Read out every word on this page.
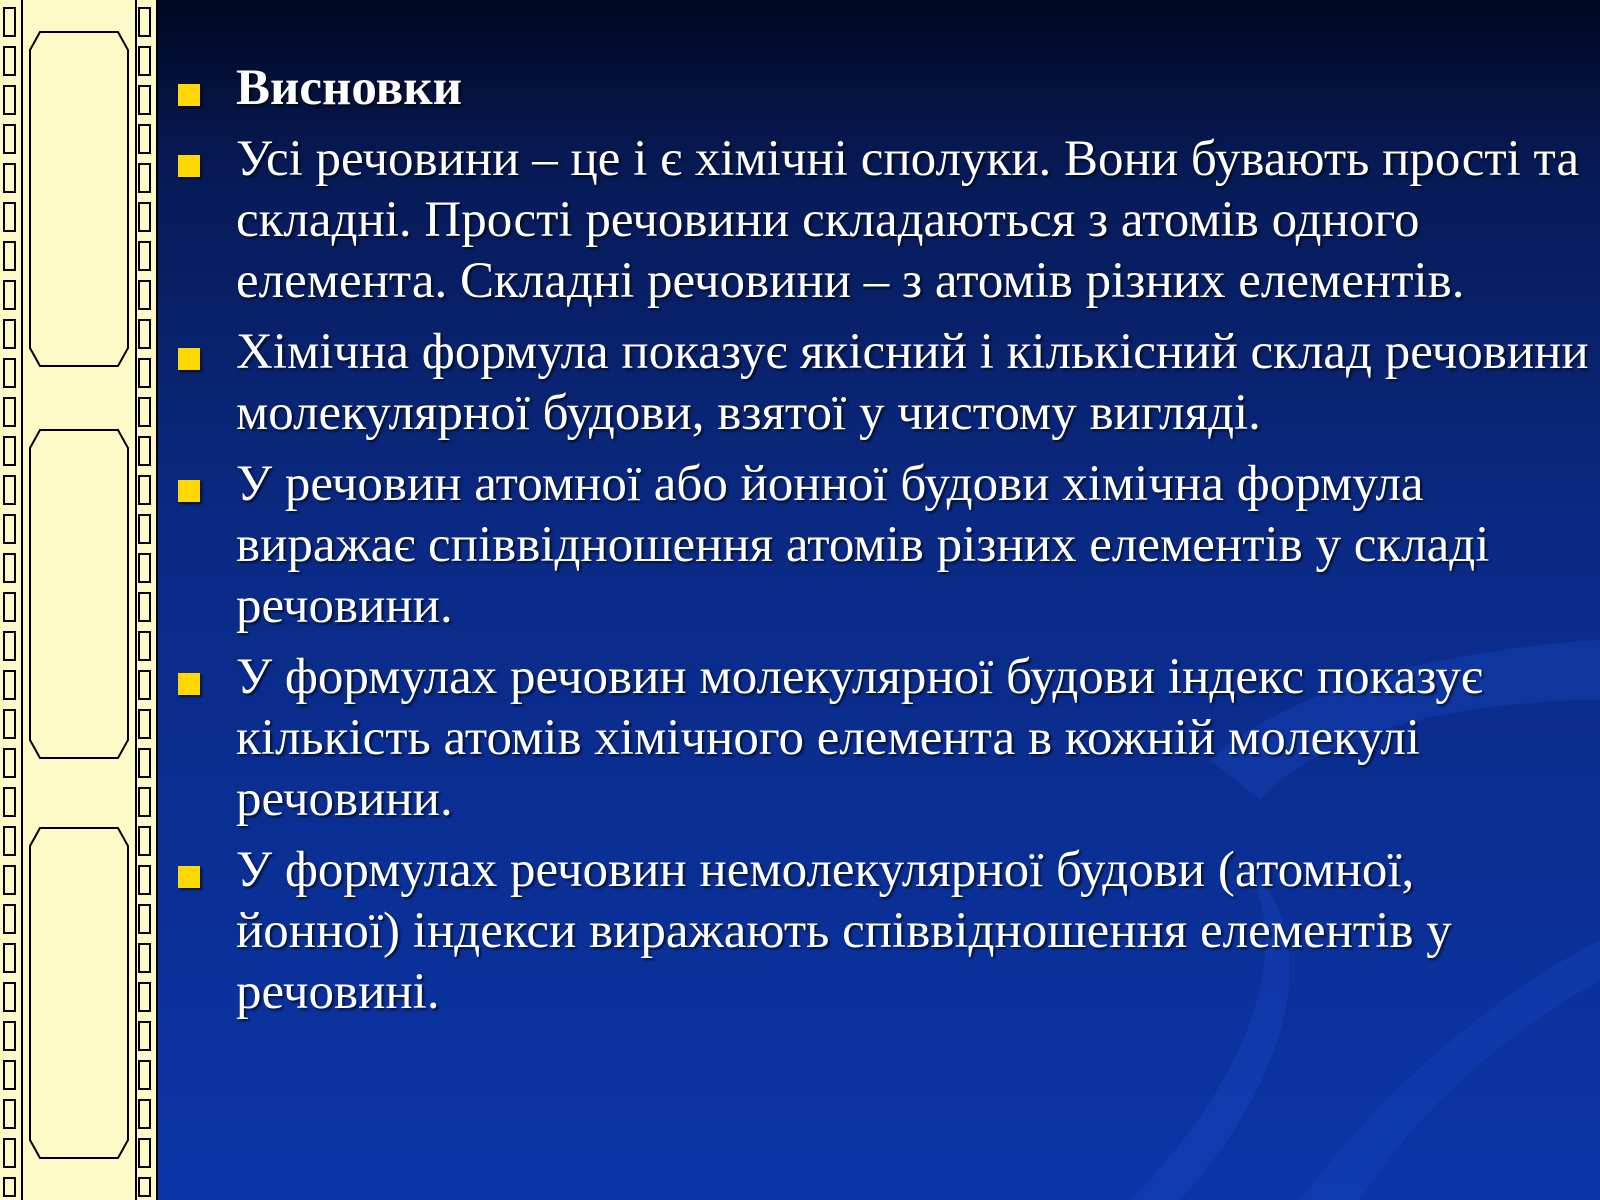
Висновки
Усі речовини – це і є хімічні сполуки. Вони бувають прості та складні. Прості речовини складаються з атомів одного елемента. Складні речовини – з атомів різних елементів.
Хімічна формула показує якісний і кількісний склад речовини молекулярної будови, взятої у чистому вигляді.
У речовин атомної або йонної будови хімічна формула виражає співвідношення атомів різних елементів у складі речовини.
У формулах речовин молекулярної будови індекс показує кількість атомів хімічного елемента в кожній молекулі речовини.
У формулах речовин немолекулярної будови (атомної, йонної) індекси виражають співвідношення елементів у речовині.
